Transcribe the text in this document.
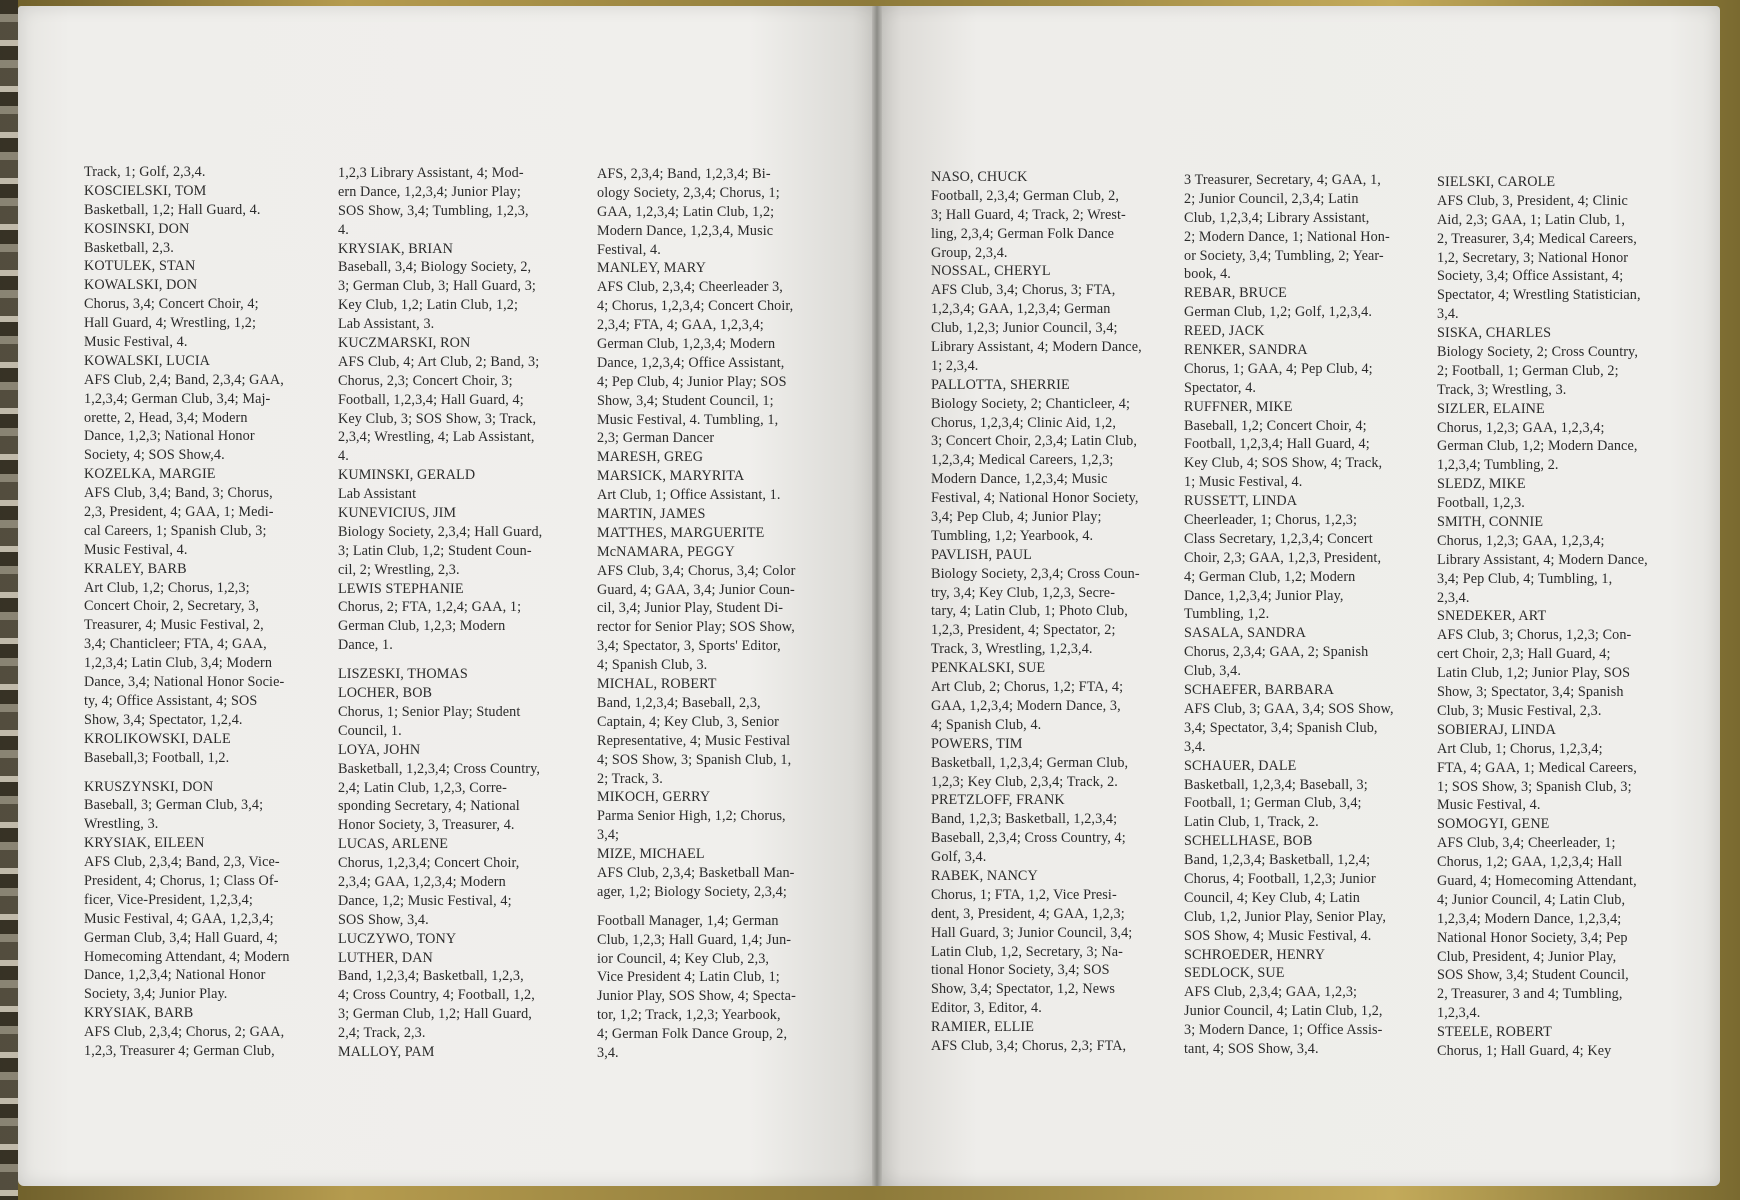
Track, 1; Golf, 2,3,4.
KOSCIELSKI, TOM
Basketball, 1,2; Hall Guard, 4.
KOSINSKI, DON
Basketball, 2,3.
KOTULEK, STAN
KOWALSKI, DON
Chorus, 3,4; Concert Choir, 4;
Hall Guard, 4; Wrestling, 1,2;
Music Festival, 4.
KOWALSKI, LUCIA
AFS Club, 2,4; Band, 2,3,4; GAA,
1,2,3,4; German Club, 3,4; Maj-
orette, 2, Head, 3,4; Modern
Dance, 1,2,3; National Honor
Society, 4; SOS Show,4.
KOZELKA, MARGIE
AFS Club, 3,4; Band, 3; Chorus,
2,3, President, 4; GAA, 1; Medi-
cal Careers, 1; Spanish Club, 3;
Music Festival, 4.
KRALEY, BARB
Art Club, 1,2; Chorus, 1,2,3;
Concert Choir, 2, Secretary, 3,
Treasurer, 4; Music Festival, 2,
3,4; Chanticleer; FTA, 4; GAA,
1,2,3,4; Latin Club, 3,4; Modern
Dance, 3,4; National Honor Socie-
ty, 4; Office Assistant, 4; SOS
Show, 3,4; Spectator, 1,2,4.
KROLIKOWSKI, DALE
Baseball,3; Football, 1,2.
KRUSZYNSKI, DON
Baseball, 3; German Club, 3,4;
Wrestling, 3.
KRYSIAK, EILEEN
AFS Club, 2,3,4; Band, 2,3, Vice-
President, 4; Chorus, 1; Class Of-
ficer, Vice-President, 1,2,3,4;
Music Festival, 4; GAA, 1,2,3,4;
German Club, 3,4; Hall Guard, 4;
Homecoming Attendant, 4; Modern
Dance, 1,2,3,4; National Honor
Society, 3,4; Junior Play.
KRYSIAK, BARB
AFS Club, 2,3,4; Chorus, 2; GAA,
1,2,3, Treasurer 4; German Club,
1,2,3 Library Assistant, 4; Mod-
ern Dance, 1,2,3,4; Junior Play;
SOS Show, 3,4; Tumbling, 1,2,3,
4.
KRYSIAK, BRIAN
Baseball, 3,4; Biology Society, 2,
3; German Club, 3; Hall Guard, 3;
Key Club, 1,2; Latin Club, 1,2;
Lab Assistant, 3.
KUCZMARSKI, RON
AFS Club, 4; Art Club, 2; Band, 3;
Chorus, 2,3; Concert Choir, 3;
Football, 1,2,3,4; Hall Guard, 4;
Key Club, 3; SOS Show, 3; Track,
2,3,4; Wrestling, 4; Lab Assistant,
4.
KUMINSKI, GERALD
Lab Assistant
KUNEVICIUS, JIM
Biology Society, 2,3,4; Hall Guard,
3; Latin Club, 1,2; Student Coun-
cil, 2; Wrestling, 2,3.
LEWIS STEPHANIE
Chorus, 2; FTA, 1,2,4; GAA, 1;
German Club, 1,2,3; Modern
Dance, 1.
LISZESKI, THOMAS
LOCHER, BOB
Chorus, 1; Senior Play; Student
Council, 1.
LOYA, JOHN
Basketball, 1,2,3,4; Cross Country,
2,4; Latin Club, 1,2,3, Corre-
sponding Secretary, 4; National
Honor Society, 3, Treasurer, 4.
LUCAS, ARLENE
Chorus, 1,2,3,4; Concert Choir,
2,3,4; GAA, 1,2,3,4; Modern
Dance, 1,2; Music Festival, 4;
SOS Show, 3,4.
LUCZYWO, TONY
LUTHER, DAN
Band, 1,2,3,4; Basketball, 1,2,3,
4; Cross Country, 4; Football, 1,2,
3; German Club, 1,2; Hall Guard,
2,4; Track, 2,3.
MALLOY, PAM
AFS, 2,3,4; Band, 1,2,3,4; Bi-
ology Society, 2,3,4; Chorus, 1;
GAA, 1,2,3,4; Latin Club, 1,2;
Modern Dance, 1,2,3,4, Music
Festival, 4.
MANLEY, MARY
AFS Club, 2,3,4; Cheerleader 3,
4; Chorus, 1,2,3,4; Concert Choir,
2,3,4; FTA, 4; GAA, 1,2,3,4;
German Club, 1,2,3,4; Modern
Dance, 1,2,3,4; Office Assistant,
4; Pep Club, 4; Junior Play; SOS
Show, 3,4; Student Council, 1;
Music Festival, 4. Tumbling, 1,
2,3; German Dancer
MARESH, GREG
MARSICK, MARYRITA
Art Club, 1; Office Assistant, 1.
MARTIN, JAMES
MATTHES, MARGUERITE
McNAMARA, PEGGY
AFS Club, 3,4; Chorus, 3,4; Color
Guard, 4; GAA, 3,4; Junior Coun-
cil, 3,4; Junior Play, Student Di-
rector for Senior Play; SOS Show,
3,4; Spectator, 3, Sports' Editor,
4; Spanish Club, 3.
MICHAL, ROBERT
Band, 1,2,3,4; Baseball, 2,3,
Captain, 4; Key Club, 3, Senior
Representative, 4; Music Festival
4; SOS Show, 3; Spanish Club, 1,
2; Track, 3.
MIKOCH, GERRY
Parma Senior High, 1,2; Chorus,
3,4;
MIZE, MICHAEL
AFS Club, 2,3,4; Basketball Man-
ager, 1,2; Biology Society, 2,3,4;
Football Manager, 1,4; German
Club, 1,2,3; Hall Guard, 1,4; Jun-
ior Council, 4; Key Club, 2,3,
Vice President 4; Latin Club, 1;
Junior Play, SOS Show, 4; Specta-
tor, 1,2; Track, 1,2,3; Yearbook,
4; German Folk Dance Group, 2,
3,4.
NASO, CHUCK
Football, 2,3,4; German Club, 2,
3; Hall Guard, 4; Track, 2; Wrest-
ling, 2,3,4; German Folk Dance
Group, 2,3,4.
NOSSAL, CHERYL
AFS Club, 3,4; Chorus, 3; FTA,
1,2,3,4; GAA, 1,2,3,4; German
Club, 1,2,3; Junior Council, 3,4;
Library Assistant, 4; Modern Dance,
1; 2,3,4.
PALLOTTA, SHERRIE
Biology Society, 2; Chanticleer, 4;
Chorus, 1,2,3,4; Clinic Aid, 1,2,
3; Concert Choir, 2,3,4; Latin Club,
1,2,3,4; Medical Careers, 1,2,3;
Modern Dance, 1,2,3,4; Music
Festival, 4; National Honor Society,
3,4; Pep Club, 4; Junior Play;
Tumbling, 1,2; Yearbook, 4.
PAVLISH, PAUL
Biology Society, 2,3,4; Cross Coun-
try, 3,4; Key Club, 1,2,3, Secre-
tary, 4; Latin Club, 1; Photo Club,
1,2,3, President, 4; Spectator, 2;
Track, 3, Wrestling, 1,2,3,4.
PENKALSKI, SUE
Art Club, 2; Chorus, 1,2; FTA, 4;
GAA, 1,2,3,4; Modern Dance, 3,
4; Spanish Club, 4.
POWERS, TIM
Basketball, 1,2,3,4; German Club,
1,2,3; Key Club, 2,3,4; Track, 2.
PRETZLOFF, FRANK
Band, 1,2,3; Basketball, 1,2,3,4;
Baseball, 2,3,4; Cross Country, 4;
Golf, 3,4.
RABEK, NANCY
Chorus, 1; FTA, 1,2, Vice Presi-
dent, 3, President, 4; GAA, 1,2,3;
Hall Guard, 3; Junior Council, 3,4;
Latin Club, 1,2, Secretary, 3; Na-
tional Honor Society, 3,4; SOS
Show, 3,4; Spectator, 1,2, News
Editor, 3, Editor, 4.
RAMIER, ELLIE
AFS Club, 3,4; Chorus, 2,3; FTA,
3 Treasurer, Secretary, 4; GAA, 1,
2; Junior Council, 2,3,4; Latin
Club, 1,2,3,4; Library Assistant,
2; Modern Dance, 1; National Hon-
or Society, 3,4; Tumbling, 2; Year-
book, 4.
REBAR, BRUCE
German Club, 1,2; Golf, 1,2,3,4.
REED, JACK
RENKER, SANDRA
Chorus, 1; GAA, 4; Pep Club, 4;
Spectator, 4.
RUFFNER, MIKE
Baseball, 1,2; Concert Choir, 4;
Football, 1,2,3,4; Hall Guard, 4;
Key Club, 4; SOS Show, 4; Track,
1; Music Festival, 4.
RUSSETT, LINDA
Cheerleader, 1; Chorus, 1,2,3;
Class Secretary, 1,2,3,4; Concert
Choir, 2,3; GAA, 1,2,3, President,
4; German Club, 1,2; Modern
Dance, 1,2,3,4; Junior Play,
Tumbling, 1,2.
SASALA, SANDRA
Chorus, 2,3,4; GAA, 2; Spanish
Club, 3,4.
SCHAEFER, BARBARA
AFS Club, 3; GAA, 3,4; SOS Show,
3,4; Spectator, 3,4; Spanish Club,
3,4.
SCHAUER, DALE
Basketball, 1,2,3,4; Baseball, 3;
Football, 1; German Club, 3,4;
Latin Club, 1, Track, 2.
SCHELLHASE, BOB
Band, 1,2,3,4; Basketball, 1,2,4;
Chorus, 4; Football, 1,2,3; Junior
Council, 4; Key Club, 4; Latin
Club, 1,2, Junior Play, Senior Play,
SOS Show, 4; Music Festival, 4.
SCHROEDER, HENRY
SEDLOCK, SUE
AFS Club, 2,3,4; GAA, 1,2,3;
Junior Council, 4; Latin Club, 1,2,
3; Modern Dance, 1; Office Assis-
tant, 4; SOS Show, 3,4.
SIELSKI, CAROLE
AFS Club, 3, President, 4; Clinic
Aid, 2,3; GAA, 1; Latin Club, 1,
2, Treasurer, 3,4; Medical Careers,
1,2, Secretary, 3; National Honor
Society, 3,4; Office Assistant, 4;
Spectator, 4; Wrestling Statistician,
3,4.
SISKA, CHARLES
Biology Society, 2; Cross Country,
2; Football, 1; German Club, 2;
Track, 3; Wrestling, 3.
SIZLER, ELAINE
Chorus, 1,2,3; GAA, 1,2,3,4;
German Club, 1,2; Modern Dance,
1,2,3,4; Tumbling, 2.
SLEDZ, MIKE
Football, 1,2,3.
SMITH, CONNIE
Chorus, 1,2,3; GAA, 1,2,3,4;
Library Assistant, 4; Modern Dance,
3,4; Pep Club, 4; Tumbling, 1,
2,3,4.
SNEDEKER, ART
AFS Club, 3; Chorus, 1,2,3; Con-
cert Choir, 2,3; Hall Guard, 4;
Latin Club, 1,2; Junior Play, SOS
Show, 3; Spectator, 3,4; Spanish
Club, 3; Music Festival, 2,3.
SOBIERAJ, LINDA
Art Club, 1; Chorus, 1,2,3,4;
FTA, 4; GAA, 1; Medical Careers,
1; SOS Show, 3; Spanish Club, 3;
Music Festival, 4.
SOMOGYI, GENE
AFS Club, 3,4; Cheerleader, 1;
Chorus, 1,2; GAA, 1,2,3,4; Hall
Guard, 4; Homecoming Attendant,
4; Junior Council, 4; Latin Club,
1,2,3,4; Modern Dance, 1,2,3,4;
National Honor Society, 3,4; Pep
Club, President, 4; Junior Play,
SOS Show, 3,4; Student Council,
2, Treasurer, 3 and 4; Tumbling,
1,2,3,4.
STEELE, ROBERT
Chorus, 1; Hall Guard, 4; Key
